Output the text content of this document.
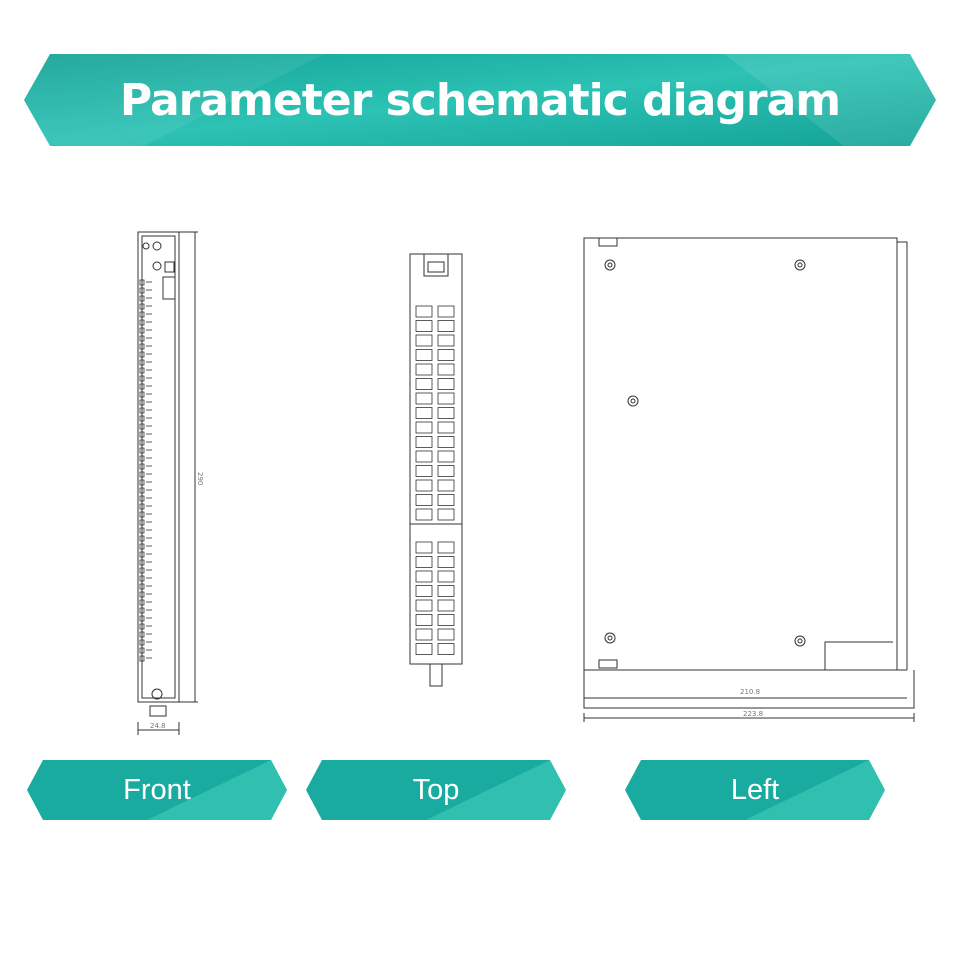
Parameter schematic diagram
290
24.8
210.8
223.8
Front	Top	Left
